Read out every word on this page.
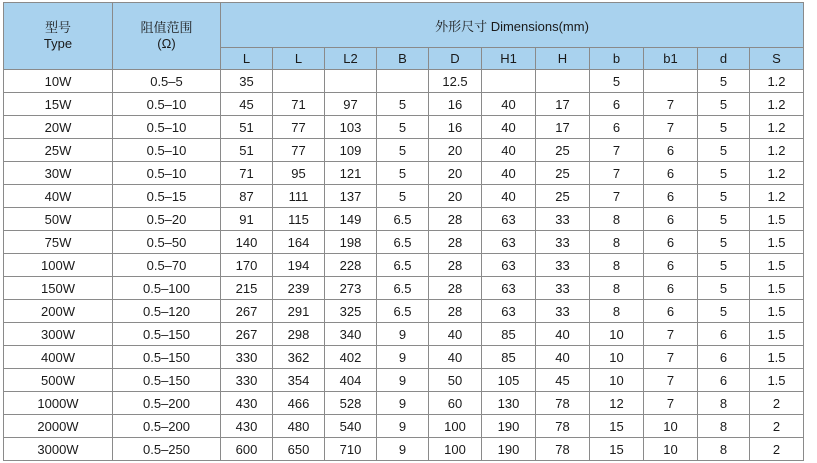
型号
Type	阻值范围
(Ω)	外形尺寸 Dimensions(mm)										
		L	L	L2	B	D	H1	H	b	b1	d	S
10W	0.5–5	35				12.5			5		5	1.2
15W	0.5–10	45	71	97	5	16	40	17	6	7	5	1.2
20W	0.5–10	51	77	103	5	16	40	17	6	7	5	1.2
25W	0.5–10	51	77	109	5	20	40	25	7	6	5	1.2
30W	0.5–10	71	95	121	5	20	40	25	7	6	5	1.2
40W	0.5–15	87	111	137	5	20	40	25	7	6	5	1.2
50W	0.5–20	91	115	149	6.5	28	63	33	8	6	5	1.5
75W	0.5–50	140	164	198	6.5	28	63	33	8	6	5	1.5
100W	0.5–70	170	194	228	6.5	28	63	33	8	6	5	1.5
150W	0.5–100	215	239	273	6.5	28	63	33	8	6	5	1.5
200W	0.5–120	267	291	325	6.5	28	63	33	8	6	5	1.5
300W	0.5–150	267	298	340	9	40	85	40	10	7	6	1.5
400W	0.5–150	330	362	402	9	40	85	40	10	7	6	1.5
500W	0.5–150	330	354	404	9	50	105	45	10	7	6	1.5
1000W	0.5–200	430	466	528	9	60	130	78	12	7	8	2
2000W	0.5–200	430	480	540	9	100	190	78	15	10	8	2
3000W	0.5–250	600	650	710	9	100	190	78	15	10	8	2
